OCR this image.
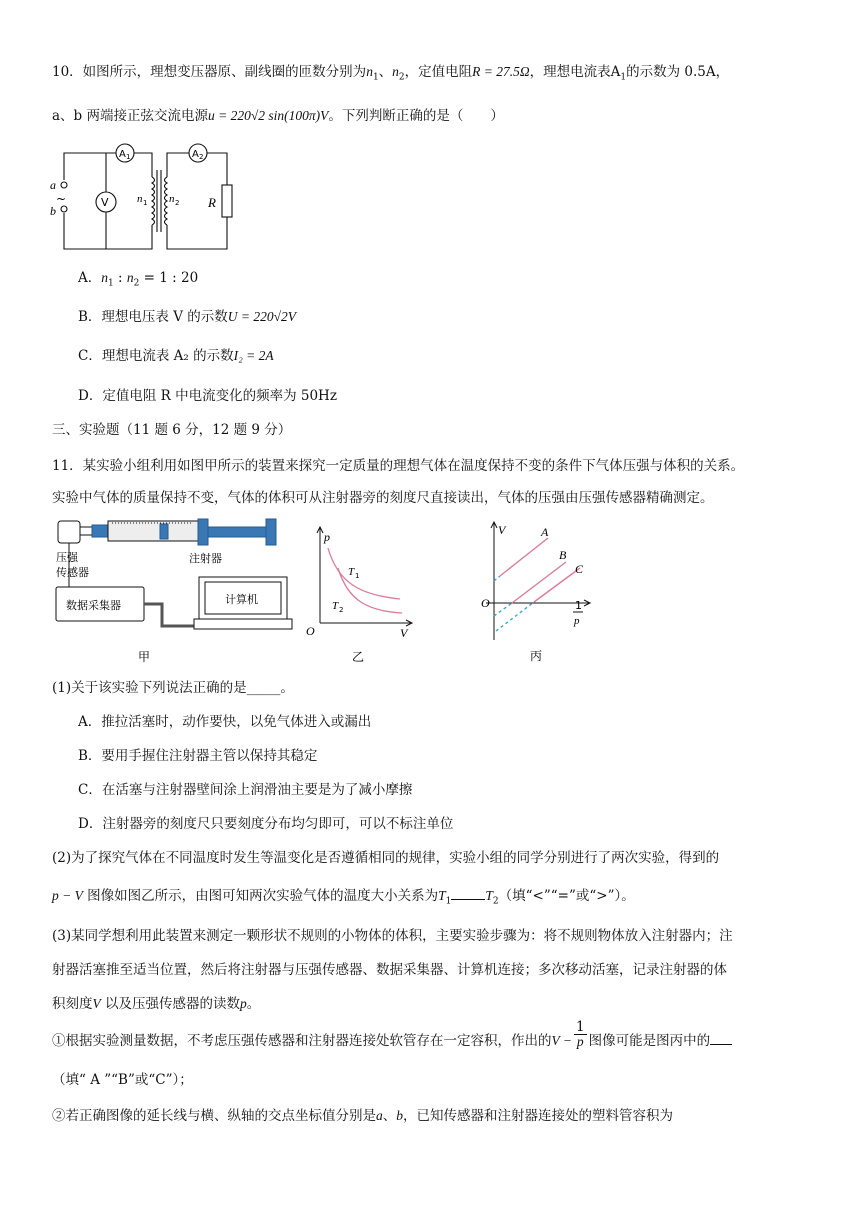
10．如图所示，理想变压器原、副线圈的匝数分别为$n_1$、$n_2$，定值电阻R = 27.5Ω，理想电流表$A_1$的示数为 0.5A，
a、b 两端接正弦交流电源u = 220√2 sin(100π)V。下列判断正确的是（　　）
a
~
b
V
A 1	A 2
n 1 n 2 R
A．$n_1$ : $n_2 = 1$ : 20
B．理想电压表 V 的示数U = 220√2V
C．理想电流表 A₂ 的示数I₂ = 2A
D．定值电阻 R 中电流变化的频率为 50Hz
三、实验题（11 题 6 分，12 题 9 分）
11．某实验小组利用如图甲所示的装置来探究一定质量的理想气体在温度保持不变的条件下气体压强与体积的关系。
实验中气体的质量保持不变，气体的体积可从注射器旁的刻度尺直接读出，气体的压强由压强传感器精确测定。
压强
传感器
注射器
数据采集器	计算机
甲
p
O	V
T 1
T 2
乙
V	A
B
C
O	1
p
丙
(1)关于该实验下列说法正确的是_____。
A．推拉活塞时，动作要快，以免气体进入或漏出
B．要用手握住注射器主管以保持其稳定
C．在活塞与注射器壁间涂上润滑油主要是为了减小摩擦
D．注射器旁的刻度尺只要刻度分布均匀即可，可以不标注单位
(2)为了探究气体在不同温度时发生等温变化是否遵循相同的规律，实验小组的同学分别进行了两次实验，得到的
p − V 图像如图乙所示，由图可知两次实验气体的温度大小关系为$T_1$	$T_2$（填“<”“=”或“>”）。
(3)某同学想利用此装置来测定一颗形状不规则的小物体的体积，主要实验步骤为：将不规则物体放入注射器内；注
射器活塞推至适当位置，然后将注射器与压强传感器、数据采集器、计算机连接；多次移动活塞，记录注射器的体
积刻度V 以及压强传感器的读数p。
①根据实验测量数据，不考虑压强传感器和注射器连接处软管存在一定容积，作出的$V - \frac{1}{p}$ 图像可能是图丙中的
（填“ A ”“B”或“C”）；
②若正确图像的延长线与横、纵轴的交点坐标值分别是a、b，已知传感器和注射器连接处的塑料管容积为
